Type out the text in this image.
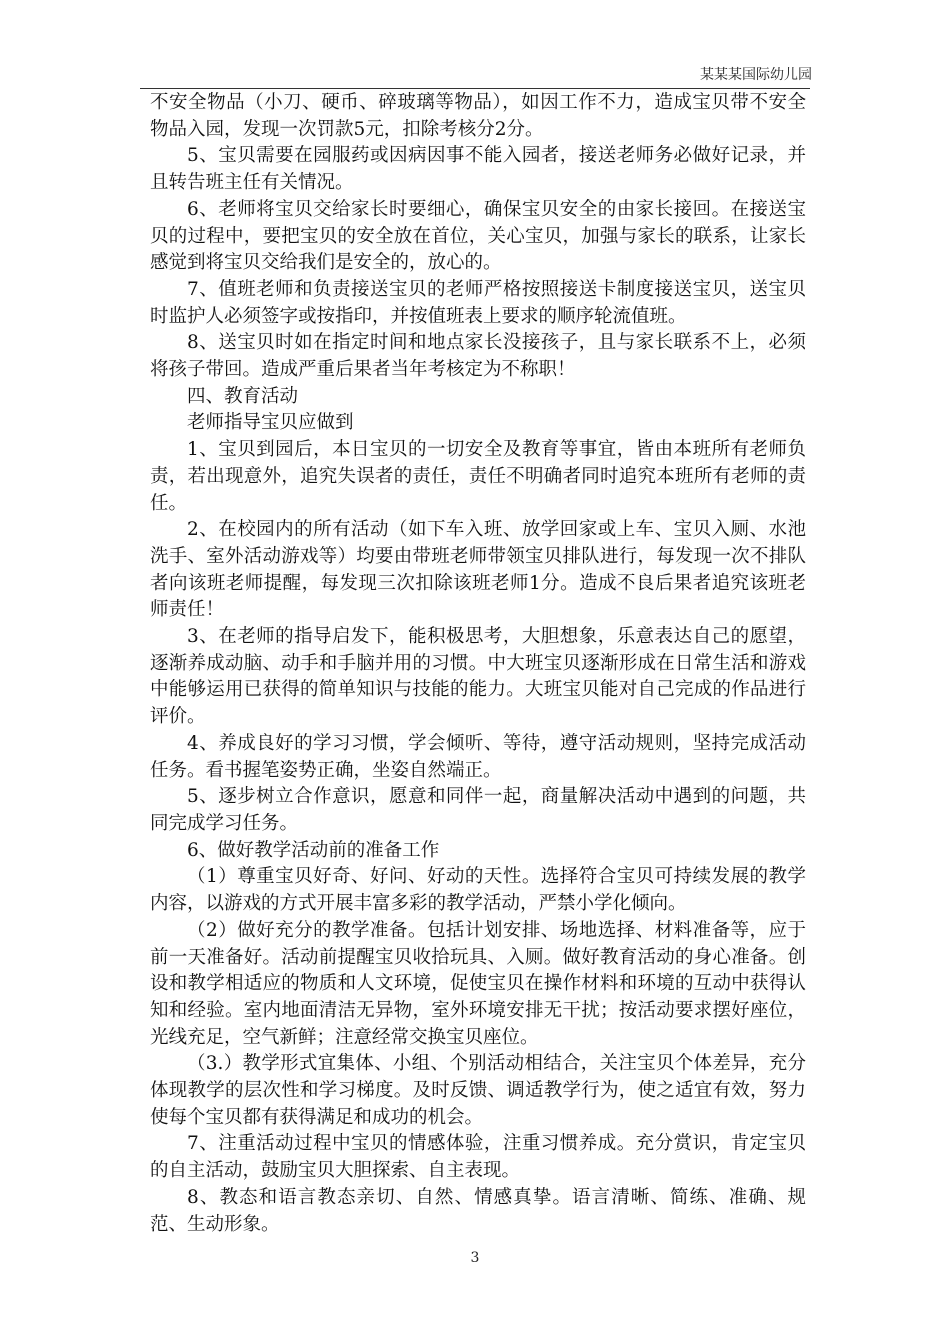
某某某国际幼儿园

不安全物品（小刀、硬币、碎玻璃等物品），如因工作不力，造成宝贝带不安全物品入园，发现一次罚款5元，扣除考核分2分。

5、宝贝需要在园服药或因病因事不能入园者，接送老师务必做好记录，并且转告班主任有关情况。

6、老师将宝贝交给家长时要细心，确保宝贝安全的由家长接回。在接送宝贝的过程中，要把宝贝的安全放在首位，关心宝贝，加强与家长的联系，让家长感觉到将宝贝交给我们是安全的，放心的。

7、值班老师和负责接送宝贝的老师严格按照接送卡制度接送宝贝，送宝贝时监护人必须签字或按指印，并按值班表上要求的顺序轮流值班。

8、送宝贝时如在指定时间和地点家长没接孩子，且与家长联系不上，必须将孩子带回。造成严重后果者当年考核定为不称职！

四、教育活动

老师指导宝贝应做到

1、宝贝到园后，本日宝贝的一切安全及教育等事宜，皆由本班所有老师负责，若出现意外，追究失误者的责任，责任不明确者同时追究本班所有老师的责任。

2、在校园内的所有活动（如下车入班、放学回家或上车、宝贝入厕、水池洗手、室外活动游戏等）均要由带班老师带领宝贝排队进行，每发现一次不排队者向该班老师提醒，每发现三次扣除该班老师1分。造成不良后果者追究该班老师责任！

3、在老师的指导启发下，能积极思考，大胆想象，乐意表达自己的愿望，逐渐养成动脑、动手和手脑并用的习惯。中大班宝贝逐渐形成在日常生活和游戏中能够运用已获得的简单知识与技能的能力。大班宝贝能对自己完成的作品进行评价。

4、养成良好的学习习惯，学会倾听、等待，遵守活动规则，坚持完成活动任务。看书握笔姿势正确，坐姿自然端正。

5、逐步树立合作意识，愿意和同伴一起，商量解决活动中遇到的问题，共同完成学习任务。

6、做好教学活动前的准备工作

（1）尊重宝贝好奇、好问、好动的天性。选择符合宝贝可持续发展的教学内容，以游戏的方式开展丰富多彩的教学活动，严禁小学化倾向。

（2）做好充分的教学准备。包括计划安排、场地选择、材料准备等，应于前一天准备好。活动前提醒宝贝收拾玩具、入厕。做好教育活动的身心准备。创设和教学相适应的物质和人文环境，促使宝贝在操作材料和环境的互动中获得认知和经验。室内地面清洁无异物，室外环境安排无干扰；按活动要求摆好座位，光线充足，空气新鲜；注意经常交换宝贝座位。

（3.）教学形式宜集体、小组、个别活动相结合，关注宝贝个体差异，充分体现教学的层次性和学习梯度。及时反馈、调适教学行为，使之适宜有效，努力使每个宝贝都有获得满足和成功的机会。

7、注重活动过程中宝贝的情感体验，注重习惯养成。充分赏识，肯定宝贝的自主活动，鼓励宝贝大胆探索、自主表现。

8、教态和语言教态亲切、自然、情感真挚。语言清晰、简练、准确、规范、生动形象。

3
